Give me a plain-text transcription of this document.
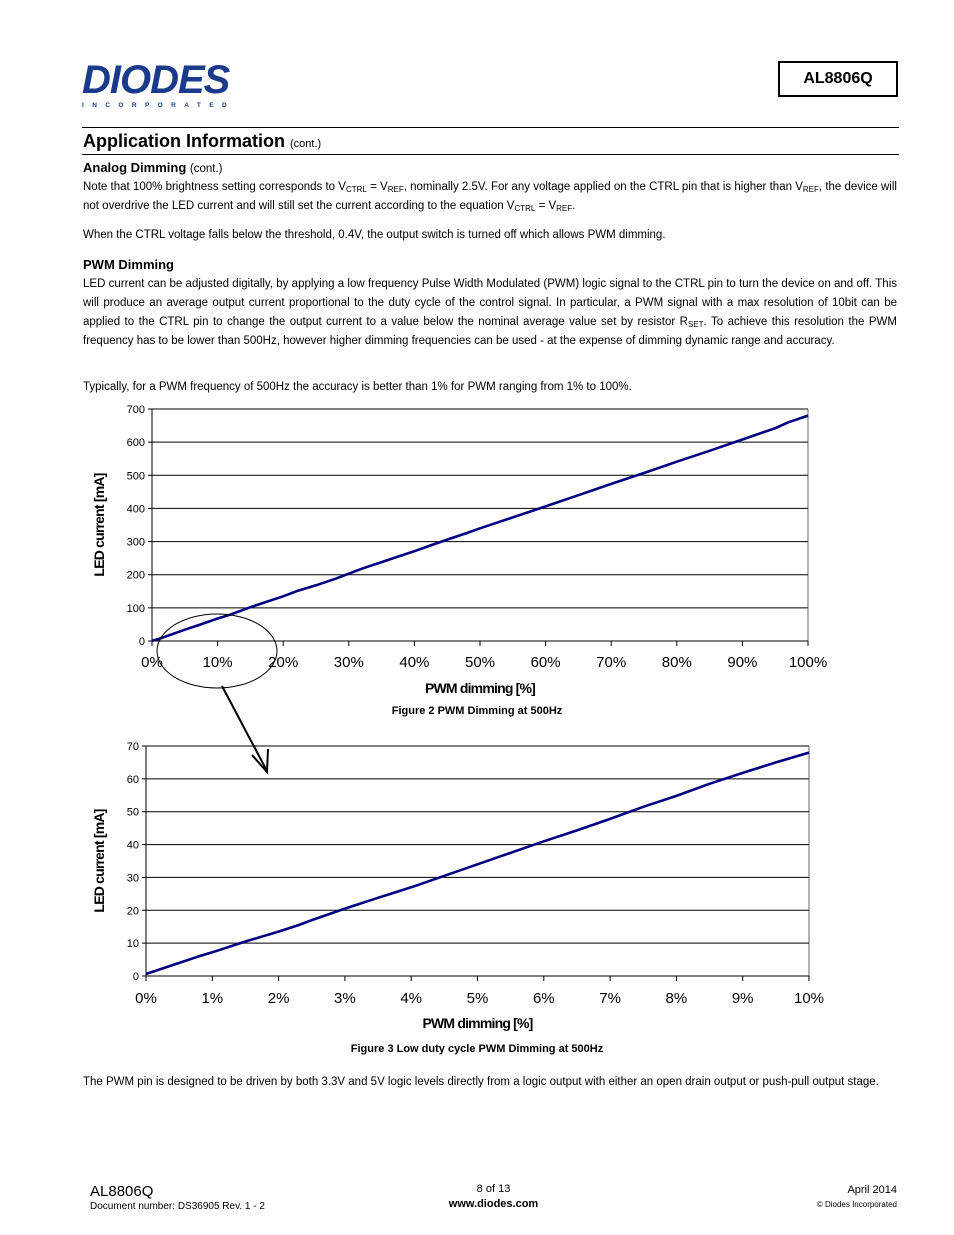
DIODES
INCORPORATED
AL8806Q
Application Information (cont.)
Analog Dimming (cont.)
Note that 100% brightness setting corresponds to $V_{CTRL} = V_{REF}$, nominally 2.5V. For any voltage applied on the CTRL pin that is higher than $V_{REF}$, the device will not overdrive the LED current and will still set the current according to the equation $V_{CTRL} = V_{REF}$.
When the CTRL voltage falls below the threshold, 0.4V, the output switch is turned off which allows PWM dimming.
PWM Dimming
LED current can be adjusted digitally, by applying a low frequency Pulse Width Modulated (PWM) logic signal to the CTRL pin to turn the device on and off. This will produce an average output current proportional to the duty cycle of the control signal. In particular, a PWM signal with a max resolution of 10bit can be applied to the CTRL pin to change the output current to a value below the nominal average value set by resistor $R_{SET}$. To achieve this resolution the PWM frequency has to be lower than 500Hz, however higher dimming frequencies can be used - at the expense of dimming dynamic range and accuracy.
Typically, for a PWM frequency of 500Hz the accuracy is better than 1% for PWM ranging from 1% to 100%.
0
100
200
300
400
500
600
700
0%	10% 20% 30% 40% 50% 60% 70% 80% 90% 100%
PWM dimming [%]
LED current [mA]
0
10
20
30
40
50
60
70
0%	1%	2%	3%	4%	5%	6%	7%	8%	9%	10%
PWM dimming [%]
LED current [mA]
Figure 2 PWM Dimming at 500Hz
Figure 3 Low duty cycle PWM Dimming at 500Hz
The PWM pin is designed to be driven by both 3.3V and 5V logic levels directly from a logic output with either an open drain output or push-pull output stage.
AL8806Q
Document number: DS36905 Rev. 1 - 2
8 of 13
www.diodes.com
April 2014
© Diodes Incorporated
